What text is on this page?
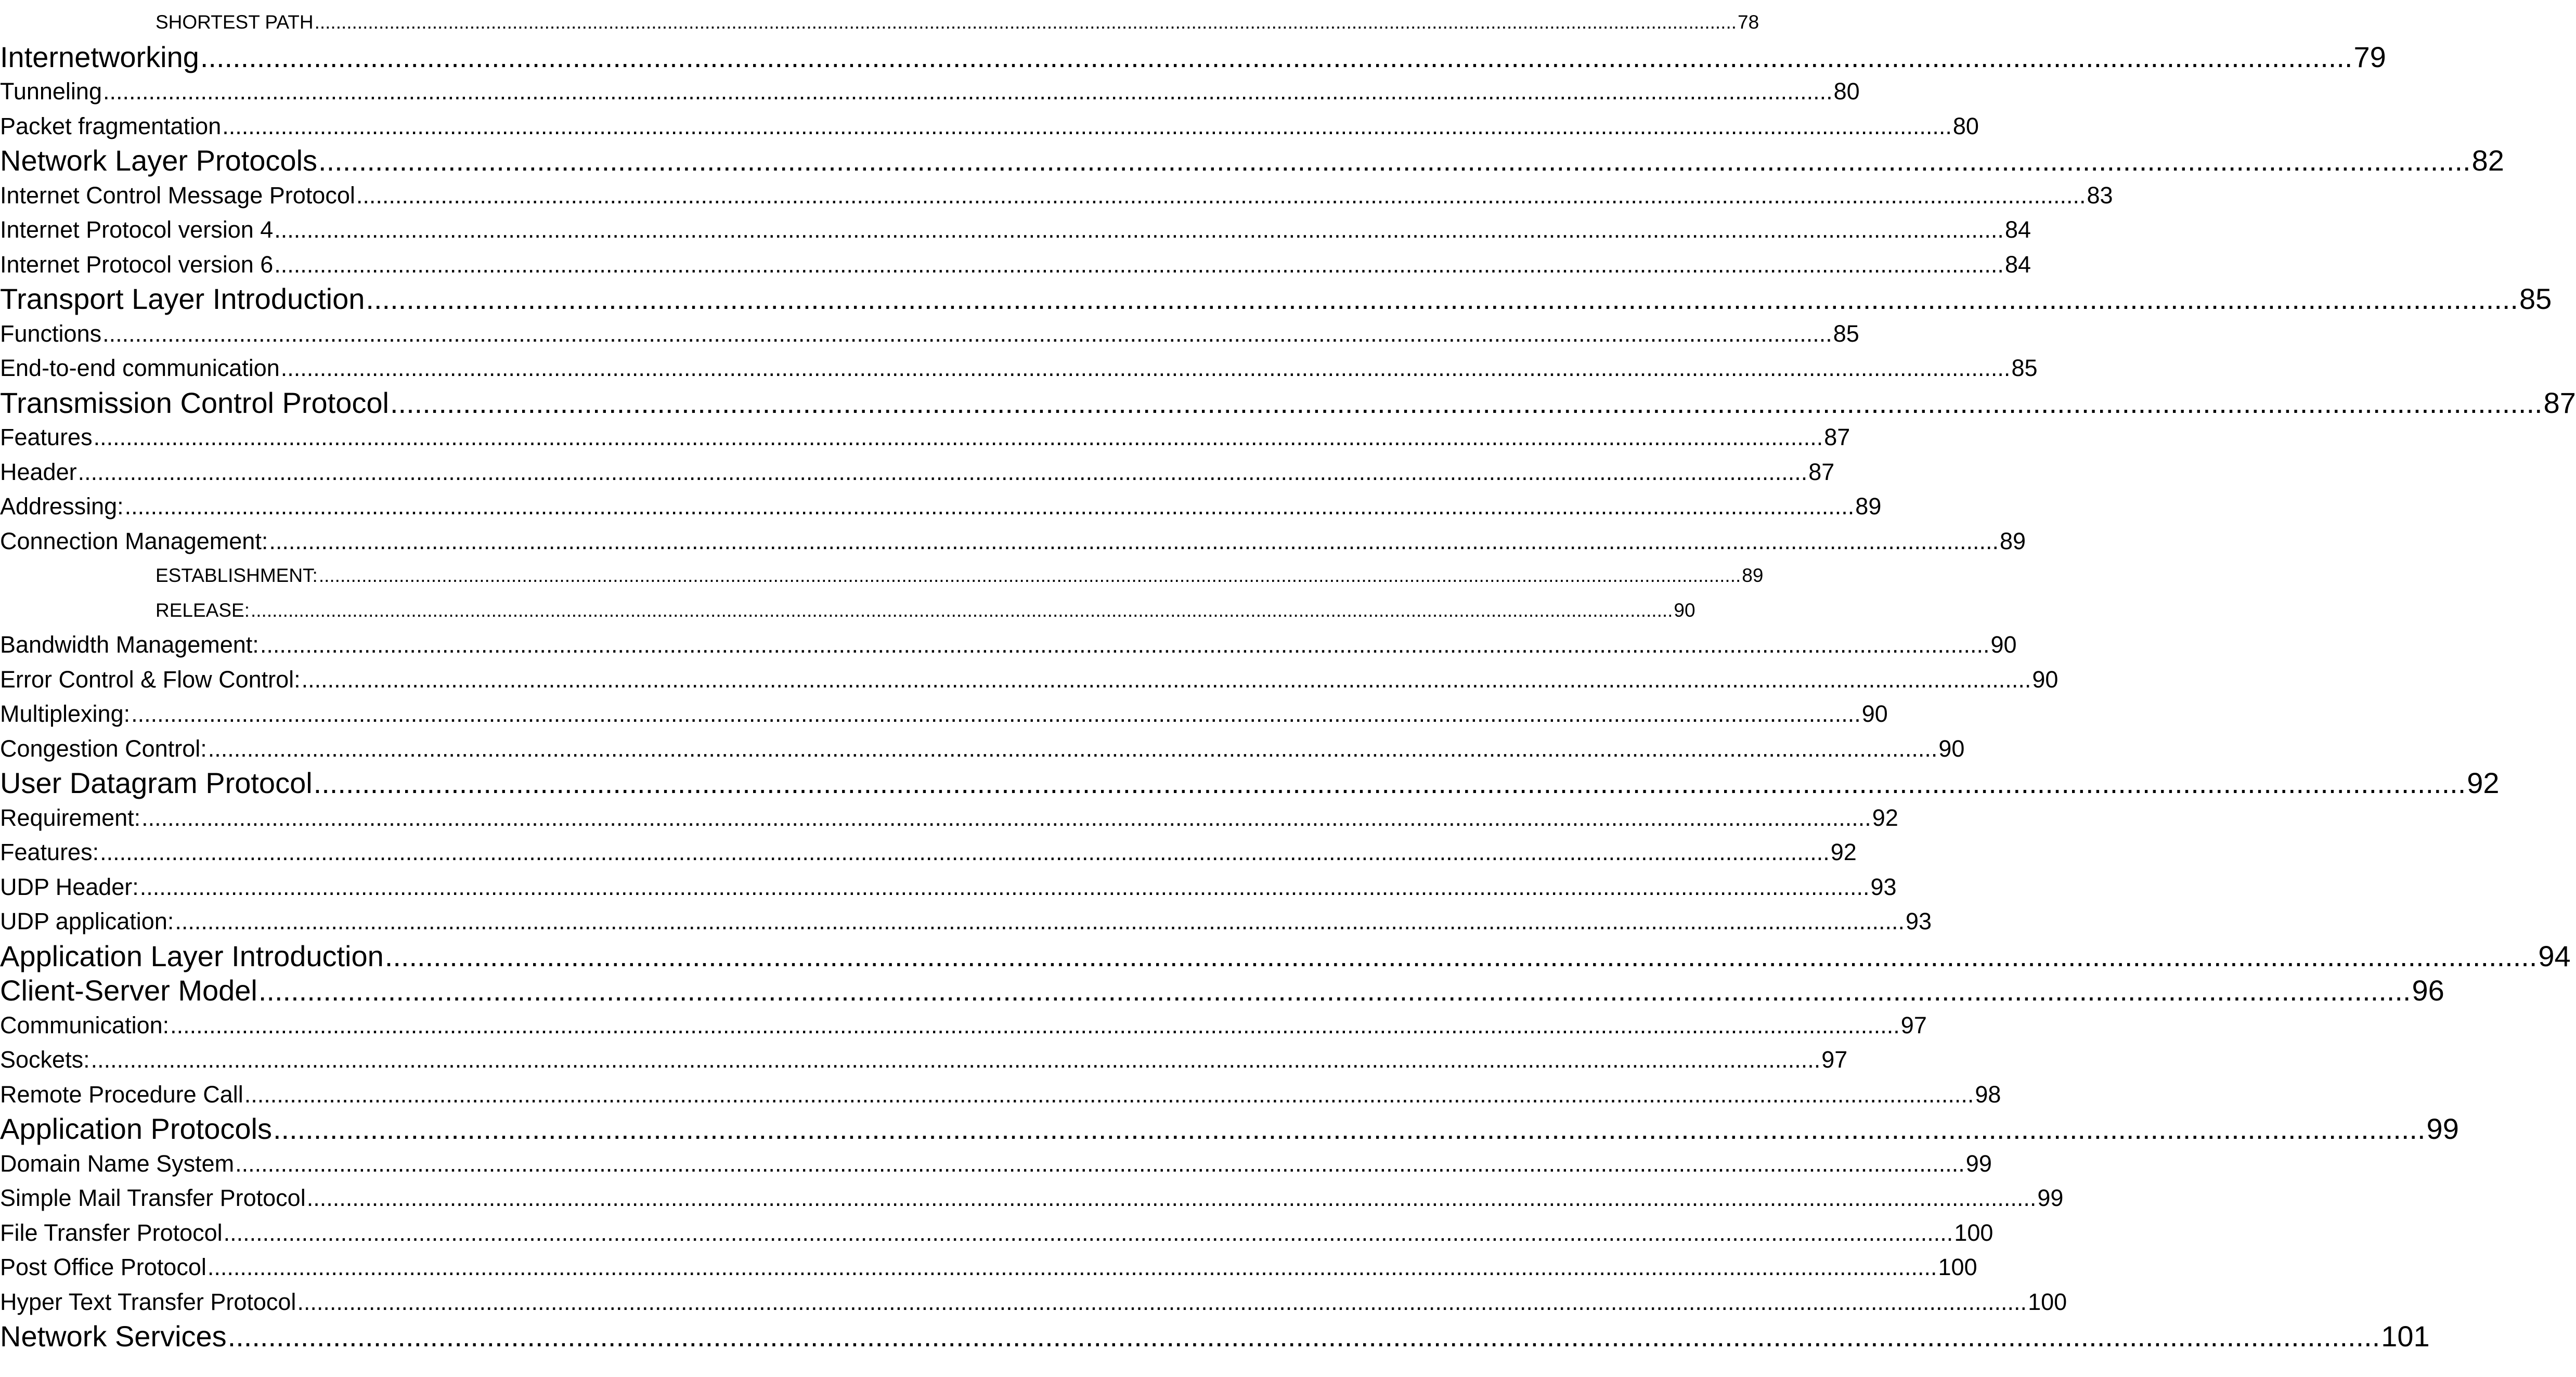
SHORTEST PATH .......................................................................................................................................................................................................................................................................... 78
Internetworking .......................................................................................................................................................................................................................................................................... 79
Tunneling .......................................................................................................................................................................................................................................................................... 80
Packet fragmentation .......................................................................................................................................................................................................................................................................... 80
Network Layer Protocols .......................................................................................................................................................................................................................................................................... 82
Internet Control Message Protocol .......................................................................................................................................................................................................................................................................... 83
Internet Protocol version 4 .......................................................................................................................................................................................................................................................................... 84
Internet Protocol version 6 .......................................................................................................................................................................................................................................................................... 84
Transport Layer Introduction .......................................................................................................................................................................................................................................................................... 85
Functions .......................................................................................................................................................................................................................................................................... 85
End-to-end communication .......................................................................................................................................................................................................................................................................... 85
Transmission Control Protocol .......................................................................................................................................................................................................................................................................... 87
Features .......................................................................................................................................................................................................................................................................... 87
Header .......................................................................................................................................................................................................................................................................... 87
Addressing: .......................................................................................................................................................................................................................................................................... 89
Connection Management: .......................................................................................................................................................................................................................................................................... 89
ESTABLISHMENT: .......................................................................................................................................................................................................................................................................... 89
RELEASE: .......................................................................................................................................................................................................................................................................... 90
Bandwidth Management: .......................................................................................................................................................................................................................................................................... 90
Error Control & Flow Control: .......................................................................................................................................................................................................................................................................... 90
Multiplexing: .......................................................................................................................................................................................................................................................................... 90
Congestion Control: .......................................................................................................................................................................................................................................................................... 90
User Datagram Protocol .......................................................................................................................................................................................................................................................................... 92
Requirement: .......................................................................................................................................................................................................................................................................... 92
Features: .......................................................................................................................................................................................................................................................................... 92
UDP Header: .......................................................................................................................................................................................................................................................................... 93
UDP application: .......................................................................................................................................................................................................................................................................... 93
Application Layer Introduction .......................................................................................................................................................................................................................................................................... 94
Client-Server Model .......................................................................................................................................................................................................................................................................... 96
Communication: .......................................................................................................................................................................................................................................................................... 97
Sockets: .......................................................................................................................................................................................................................................................................... 97
Remote Procedure Call .......................................................................................................................................................................................................................................................................... 98
Application Protocols .......................................................................................................................................................................................................................................................................... 99
Domain Name System .......................................................................................................................................................................................................................................................................... 99
Simple Mail Transfer Protocol .......................................................................................................................................................................................................................................................................... 99
File Transfer Protocol .......................................................................................................................................................................................................................................................................... 100
Post Office Protocol .......................................................................................................................................................................................................................................................................... 100
Hyper Text Transfer Protocol .......................................................................................................................................................................................................................................................................... 100
Network Services .......................................................................................................................................................................................................................................................................... 101
